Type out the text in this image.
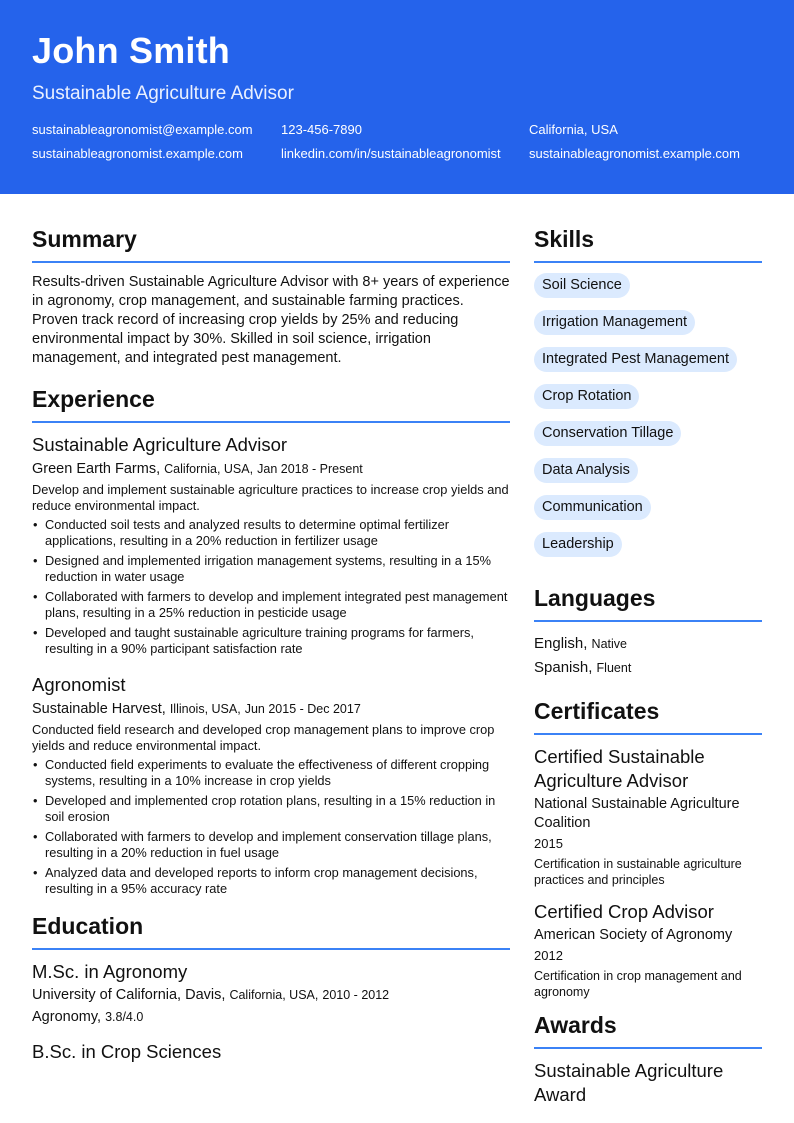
John Smith
Sustainable Agriculture Advisor
sustainableagronomist@example.com 123-456-7890	California, USA
sustainableagronomist.example.com	linkedin.com/in/sustainableagronomist sustainableagronomist.example.com
Summary
Results-driven Sustainable Agriculture Advisor with 8+ years of experience in agronomy, crop management, and sustainable farming practices. Proven track record of increasing crop yields by 25% and reducing environmental impact by 30%. Skilled in soil science, irrigation management, and integrated pest management.
Experience
Sustainable Agriculture Advisor
Green Earth Farms, California, USA, Jan 2018 - Present
Develop and implement sustainable agriculture practices to increase crop yields and reduce environmental impact.
• Conducted soil tests and analyzed results to determine optimal fertilizer applications, resulting in a 20% reduction in fertilizer usage
• Designed and implemented irrigation management systems, resulting in a 15% reduction in water usage
• Collaborated with farmers to develop and implement integrated pest management plans, resulting in a 25% reduction in pesticide usage
• Developed and taught sustainable agriculture training programs for farmers, resulting in a 90% participant satisfaction rate
Agronomist
Sustainable Harvest, Illinois, USA, Jun 2015 - Dec 2017
Conducted field research and developed crop management plans to improve crop yields and reduce environmental impact.
• Conducted field experiments to evaluate the effectiveness of different cropping systems, resulting in a 10% increase in crop yields
• Developed and implemented crop rotation plans, resulting in a 15% reduction in soil erosion
• Collaborated with farmers to develop and implement conservation tillage plans, resulting in a 20% reduction in fuel usage
• Analyzed data and developed reports to inform crop management decisions, resulting in a 95% accuracy rate
Education
M.Sc. in Agronomy
University of California, Davis, California, USA, 2010 - 2012
Agronomy, 3.8/4.0
B.Sc. in Crop Sciences
Skills
Soil Science
Irrigation Management
Integrated Pest Management
Crop Rotation
Conservation Tillage
Data Analysis
Communication
Leadership
Languages
English, Native
Spanish, Fluent
Certificates
Certified Sustainable Agriculture Advisor
National Sustainable Agriculture Coalition
2015
Certification in sustainable agriculture practices and principles
Certified Crop Advisor
American Society of Agronomy
2012
Certification in crop management and agronomy
Awards
Sustainable Agriculture Award
